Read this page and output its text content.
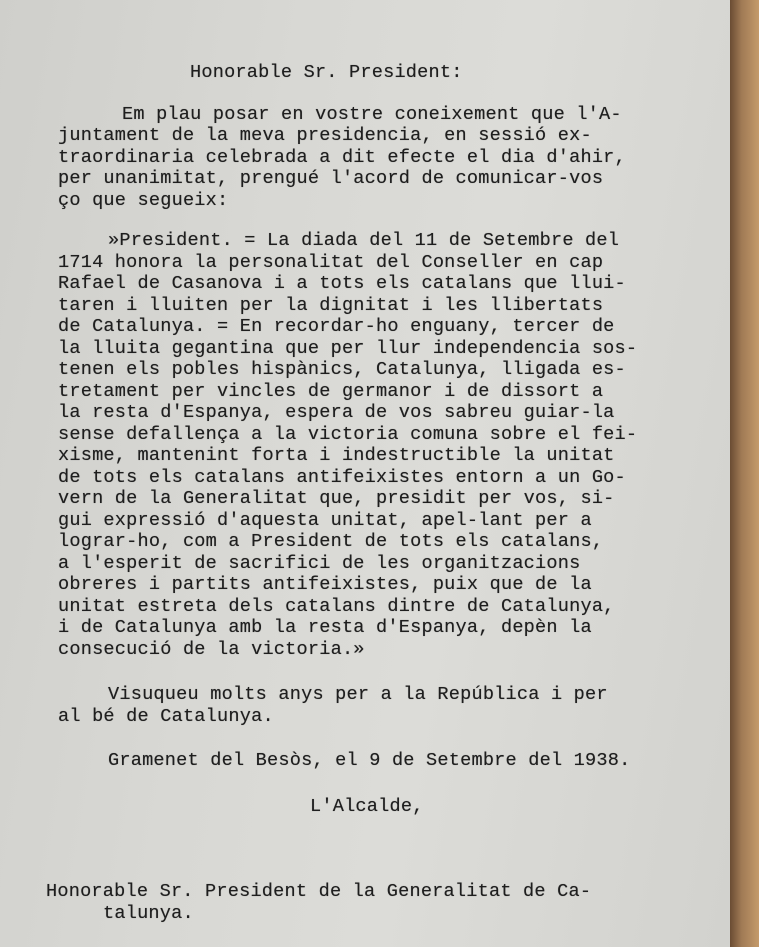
Honorable Sr. President:
Em plau posar en vostre coneixement que l'A-
juntament de la meva presidencia, en sessió ex-
traordinaria celebrada a dit efecte el dia d'ahir,
per unanimitat, prengué l'acord de comunicar-vos
ço que segueix:
»President. = La diada del 11 de Setembre del
1714 honora la personalitat del Conseller en cap
Rafael de Casanova i a tots els catalans que llui-
taren i lluiten per la dignitat i les llibertats
de Catalunya. = En recordar-ho enguany, tercer de
la lluita gegantina que per llur independencia sos-
tenen els pobles hispànics, Catalunya, lligada es-
tretament per vincles de germanor i de dissort a
la resta d'Espanya, espera de vos sabreu guiar-la
sense defallença a la victoria comuna sobre el fei-
xisme, mantenint forta i indestructible la unitat
de tots els catalans antifeixistes entorn a un Go-
vern de la Generalitat que, presidit per vos, si-
gui expressió d'aquesta unitat, apel-lant per a
lograr-ho, com a President de tots els catalans,
a l'esperit de sacrifici de les organitzacions
obreres i partits antifeixistes, puix que de la
unitat estreta dels catalans dintre de Catalunya,
i de Catalunya amb la resta d'Espanya, depèn la
consecució de la victoria.»
Visuqueu molts anys per a la República i per
al bé de Catalunya.
Gramenet del Besòs, el 9 de Setembre del 1938.
L'Alcalde,
Honorable Sr. President de la Generalitat de Ca-
talunya.
